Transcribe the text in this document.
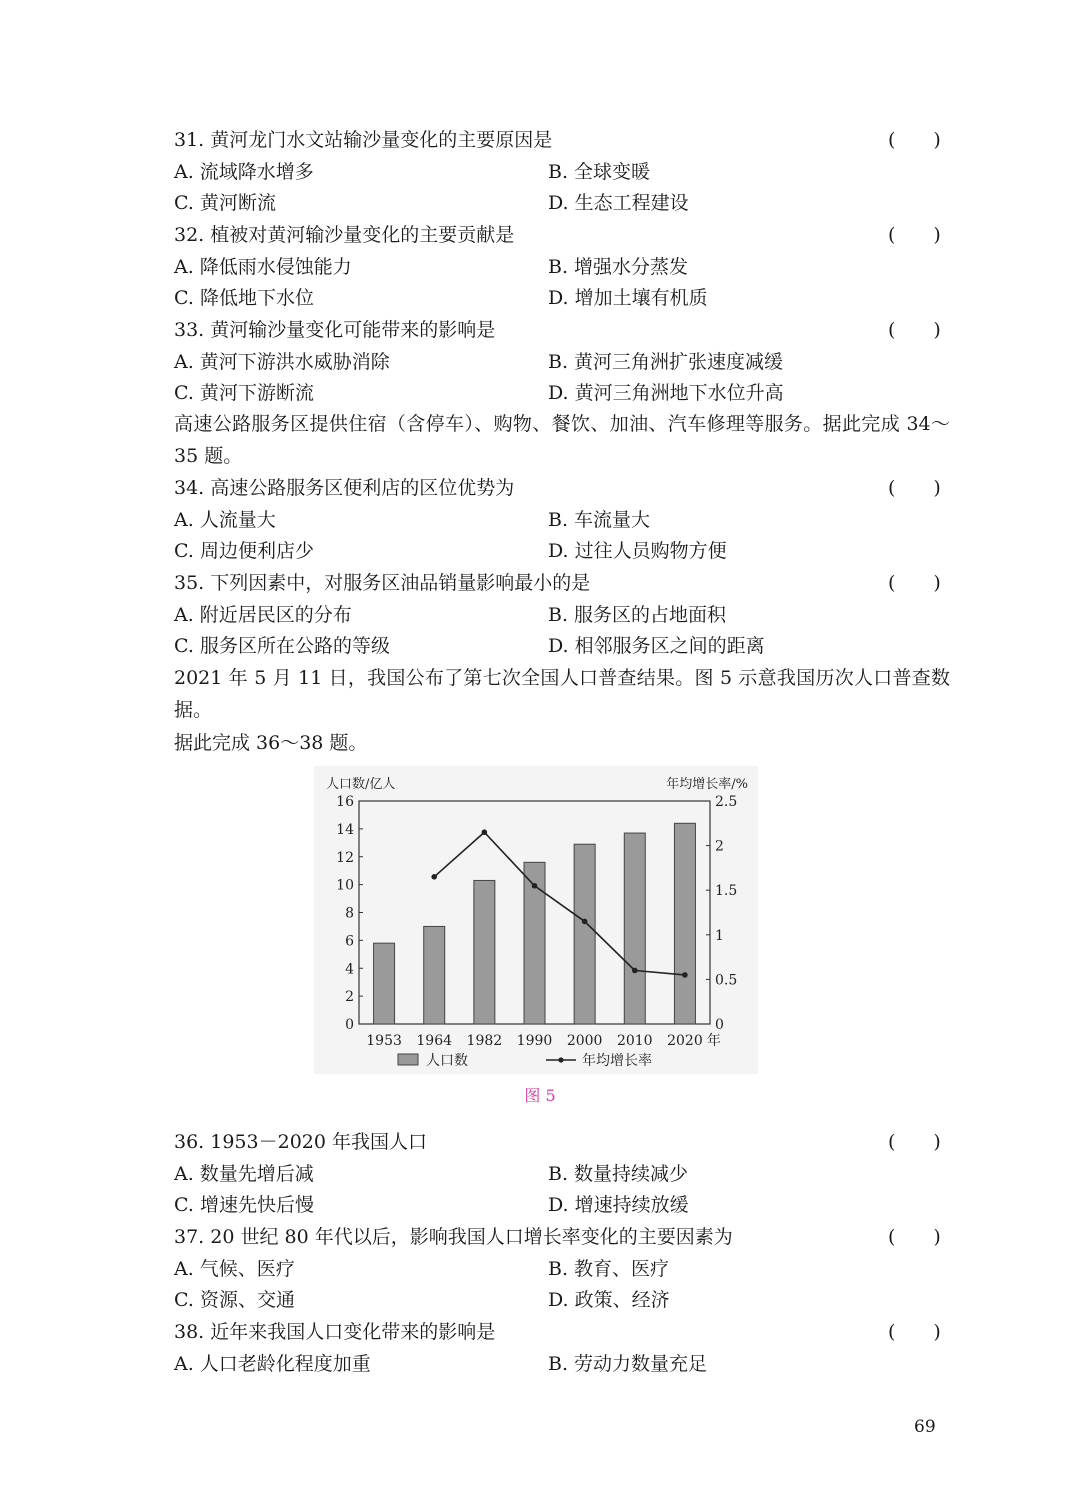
31. 黄河龙门水文站输沙量变化的主要原因是	(　　)
A. 流域降水增多	B. 全球变暖
C. 黄河断流	D. 生态工程建设
32. 植被对黄河输沙量变化的主要贡献是	(　　)
A. 降低雨水侵蚀能力	B. 增强水分蒸发
C. 降低地下水位	D. 增加土壤有机质
33. 黄河输沙量变化可能带来的影响是	(　　)
A. 黄河下游洪水威胁消除	B. 黄河三角洲扩张速度减缓
C. 黄河下游断流	D. 黄河三角洲地下水位升高
高速公路服务区提供住宿（含停车）、购物、餐饮、加油、汽车修理等服务。据此完成 34～35 题。
34. 高速公路服务区便利店的区位优势为	(　　)
A. 人流量大	B. 车流量大
C. 周边便利店少	D. 过往人员购物方便
35. 下列因素中，对服务区油品销量影响最小的是	(　　)
A. 附近居民区的分布	B. 服务区的占地面积
C. 服务区所在公路的等级	D. 相邻服务区之间的距离
2021 年 5 月 11 日，我国公布了第七次全国人口普查结果。图 5 示意我国历次人口普查数据。
据此完成 36～38 题。
0
2
4
6
8
10
12
14
16
0
0.5
1
1.5
2
2.5
人口数/亿人	年均增长率/%
1953 1964 1982 1990 2000 2010 2020 年
人口数	年均增长率
图 5
36. 1953－2020 年我国人口	(　　)
A. 数量先增后减	B. 数量持续减少
C. 增速先快后慢	D. 增速持续放缓
37. 20 世纪 80 年代以后，影响我国人口增长率变化的主要因素为	(　　)
A. 气候、医疗	B. 教育、医疗
C. 资源、交通	D. 政策、经济
38. 近年来我国人口变化带来的影响是	(　　)
A. 人口老龄化程度加重	B. 劳动力数量充足
69
